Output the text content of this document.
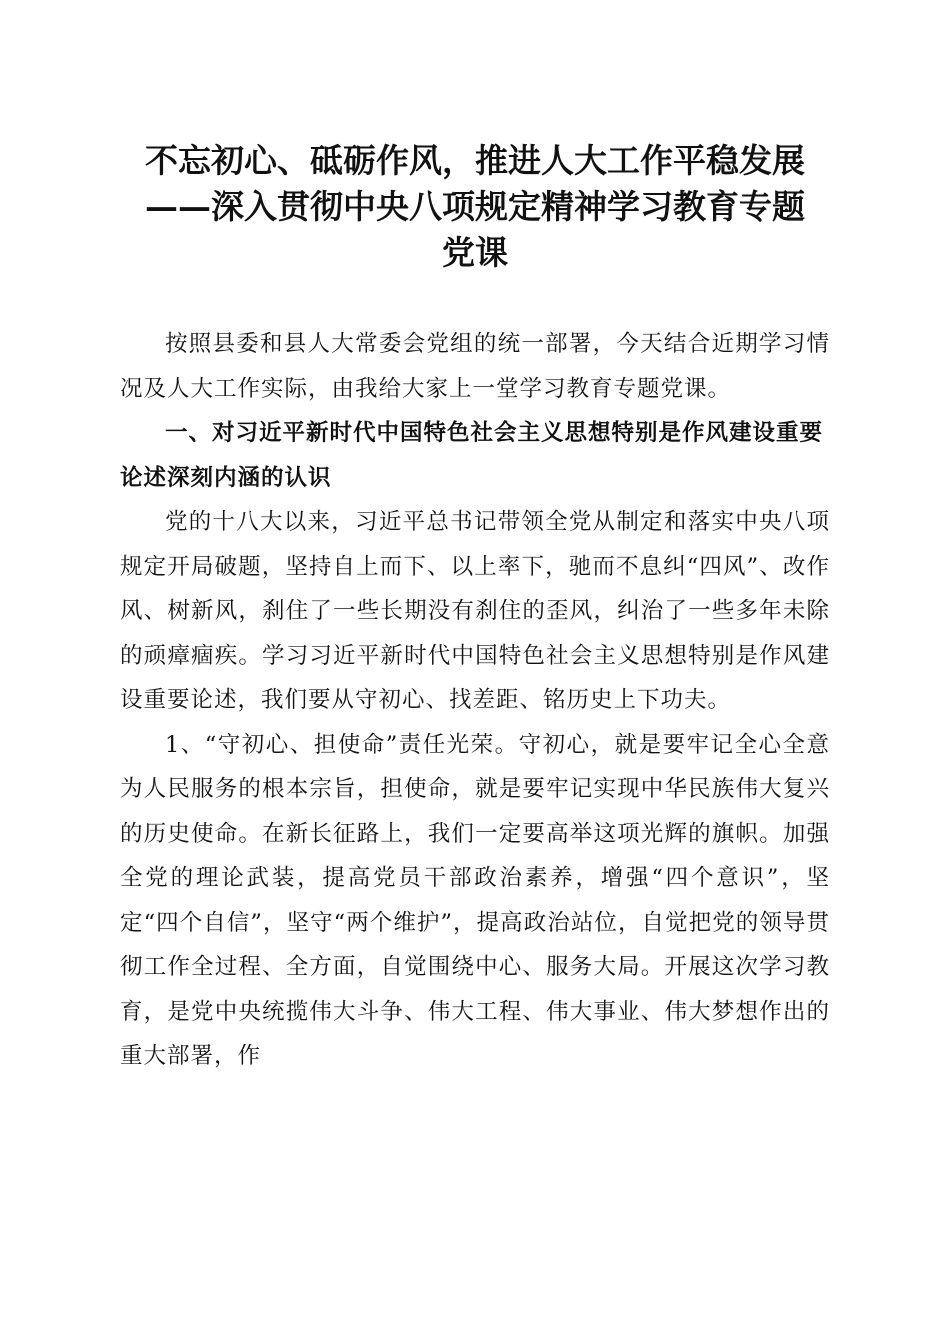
不忘初心、砥砺作风，推进人大工作平稳发展
——深入贯彻中央八项规定精神学习教育专题
党课

按照县委和县人大常委会党组的统一部署，今天结合近期学习情况及人大工作实际，由我给大家上一堂学习教育专题党课。

一、对习近平新时代中国特色社会主义思想特别是作风建设重要论述深刻内涵的认识

党的十八大以来，习近平总书记带领全党从制定和落实中央八项规定开局破题，坚持自上而下、以上率下，驰而不息纠“四风”、改作风、树新风，刹住了一些长期没有刹住的歪风，纠治了一些多年未除的顽瘴痼疾。学习习近平新时代中国特色社会主义思想特别是作风建设重要论述，我们要从守初心、找差距、铭历史上下功夫。

1、“守初心、担使命”责任光荣。守初心，就是要牢记全心全意为人民服务的根本宗旨，担使命，就是要牢记实现中华民族伟大复兴的历史使命。在新长征路上，我们一定要高举这项光辉的旗帜。加强全党的理论武装，提高党员干部政治素养，增强“四个意识”，坚定“四个自信”，坚守“两个维护”，提高政治站位，自觉把党的领导贯彻工作全过程、全方面，自觉围绕中心、服务大局。开展这次学习教育，是党中央统揽伟大斗争、伟大工程、伟大事业、伟大梦想作出的重大部署，作
